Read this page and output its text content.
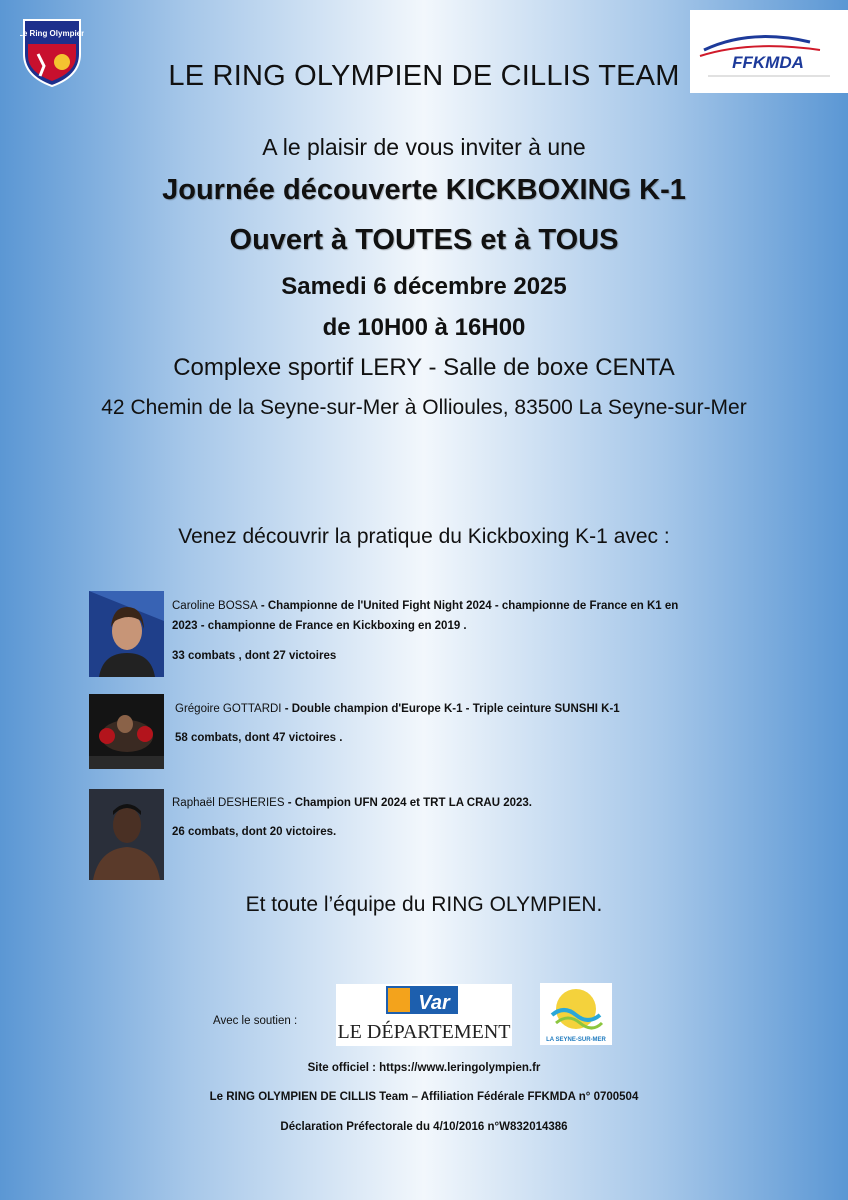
Le Ring Olympien
FFKMDA
LE RING OLYMPIEN DE CILLIS TEAM
A le plaisir de vous inviter à une
Journée découverte KICKBOXING K-1
Ouvert à TOUTES et à TOUS
Samedi 6 décembre 2025
de 10H00 à 16H00
Complexe sportif LERY - Salle de boxe CENTA
42 Chemin de la Seyne-sur-Mer à Ollioules, 83500 La Seyne-sur-Mer
Venez découvrir la pratique du Kickboxing K-1 avec :
Caroline BOSSA - Championne de l'United Fight Night 2024 - championne de France en K1 en
2023 - championne de France en Kickboxing en 2019 .
33 combats , dont 27 victoires
Grégoire GOTTARDI - Double champion d'Europe K-1 - Triple ceinture SUNSHI K-1
58 combats, dont 47 victoires .
Raphaël DESHERIES - Champion UFN 2024 et TRT LA CRAU 2023.
26 combats, dont 20 victoires.
Et toute l’équipe du RING OLYMPIEN.
Avec le soutien :
Var
LE DÉPARTEMENT	LA SEYNE-SUR-MER
Site officiel : https://www.leringolympien.fr
Le RING OLYMPIEN DE CILLIS Team – Affiliation Fédérale FFKMDA n° 0700504
Déclaration Préfectorale du 4/10/2016 n°W832014386
